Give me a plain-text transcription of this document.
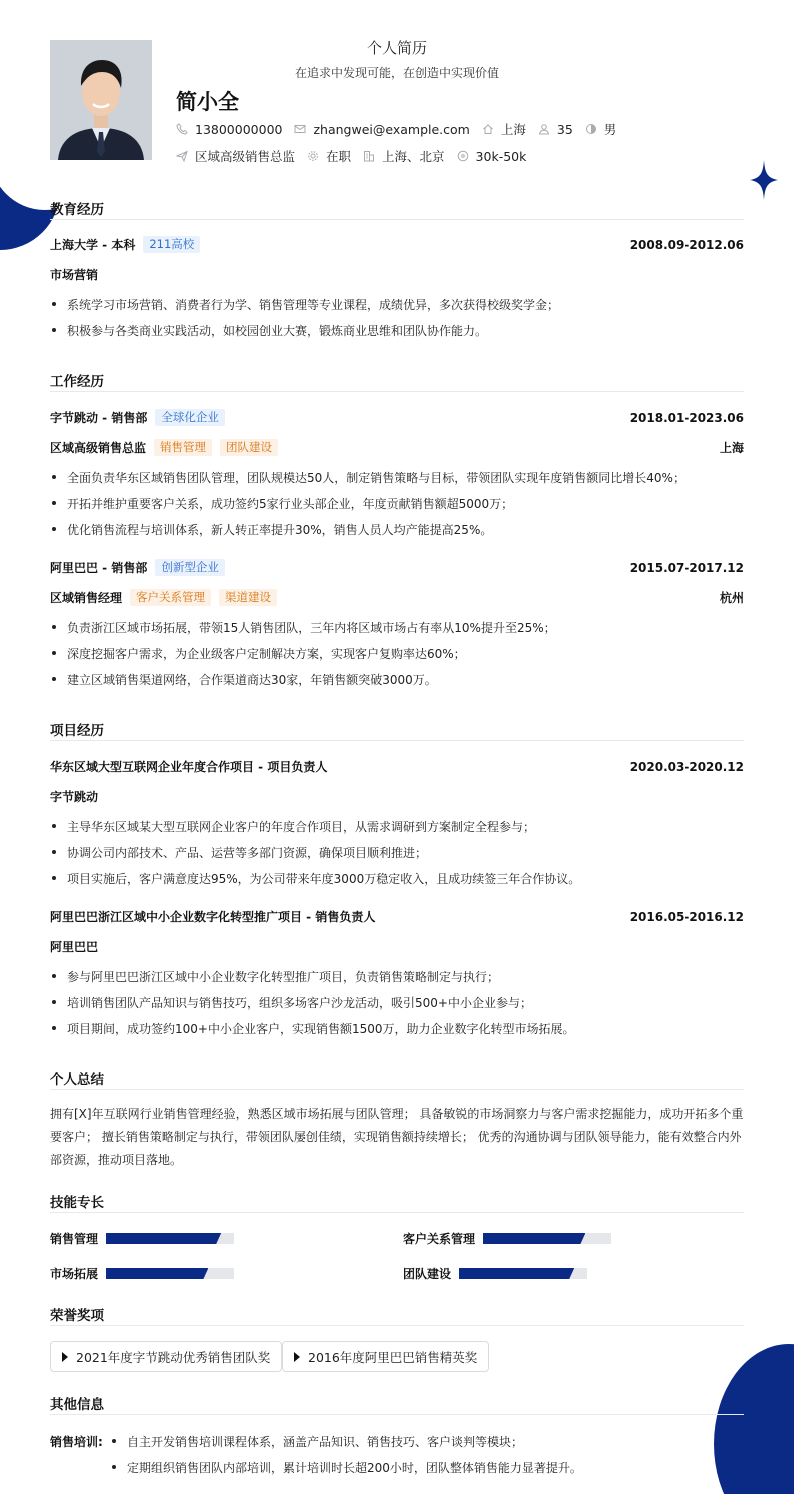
个人简历
在追求中发现可能，在创造中实现价值
简小全
13800000000 zhangwei@example.com 上海 35 男
区域高级销售总监 在职 上海、北京 30k-50k
教育经历
上海大学 - 本科	211高校	2008.09-2012.06
市场营销
系统学习市场营销、消费者行为学、销售管理等专业课程，成绩优异，多次获得校级奖学金；
积极参与各类商业实践活动，如校园创业大赛，锻炼商业思维和团队协作能力。
工作经历
字节跳动 - 销售部	全球化企业	2018.01-2023.06
区域高级销售总监	销售管理	团队建设	上海
全面负责华东区域销售团队管理，团队规模达50人，制定销售策略与目标，带领团队实现年度销售额同比增长40%；
开拓并维护重要客户关系，成功签约5家行业头部企业，年度贡献销售额超5000万；
优化销售流程与培训体系，新人转正率提升30%，销售人员人均产能提高25%。
阿里巴巴 - 销售部	创新型企业	2015.07-2017.12
区域销售经理	客户关系管理	渠道建设	杭州
负责浙江区域市场拓展，带领15人销售团队，三年内将区域市场占有率从10%提升至25%；
深度挖掘客户需求，为企业级客户定制解决方案，实现客户复购率达60%；
建立区域销售渠道网络，合作渠道商达30家，年销售额突破3000万。
项目经历
华东区域大型互联网企业年度合作项目 - 项目负责人	2020.03-2020.12
字节跳动
主导华东区域某大型互联网企业客户的年度合作项目，从需求调研到方案制定全程参与；
协调公司内部技术、产品、运营等多部门资源，确保项目顺利推进；
项目实施后，客户满意度达95%，为公司带来年度3000万稳定收入，且成功续签三年合作协议。
阿里巴巴浙江区域中小企业数字化转型推广项目 - 销售负责人	2016.05-2016.12
阿里巴巴
参与阿里巴巴浙江区域中小企业数字化转型推广项目，负责销售策略制定与执行；
培训销售团队产品知识与销售技巧，组织多场客户沙龙活动，吸引500+中小企业参与；
项目期间，成功签约100+中小企业客户，实现销售额1500万，助力企业数字化转型市场拓展。
个人总结
拥有[X]年互联网行业销售管理经验，熟悉区域市场拓展与团队管理； 具备敏锐的市场洞察力与客户需求挖掘能力，成功开拓多个重要客户； 擅长销售策略制定与执行，带领团队屡创佳绩，实现销售额持续增长； 优秀的沟通协调与团队领导能力，能有效整合内外部资源，推动项目落地。
技能专长
销售管理	客户关系管理
市场拓展	团队建设
荣誉奖项
2021年度字节跳动优秀销售团队奖	2016年度阿里巴巴销售精英奖
其他信息
销售培训:	自主开发销售培训课程体系，涵盖产品知识、销售技巧、客户谈判等模块；
定期组织销售团队内部培训，累计培训时长超200小时，团队整体销售能力显著提升。
